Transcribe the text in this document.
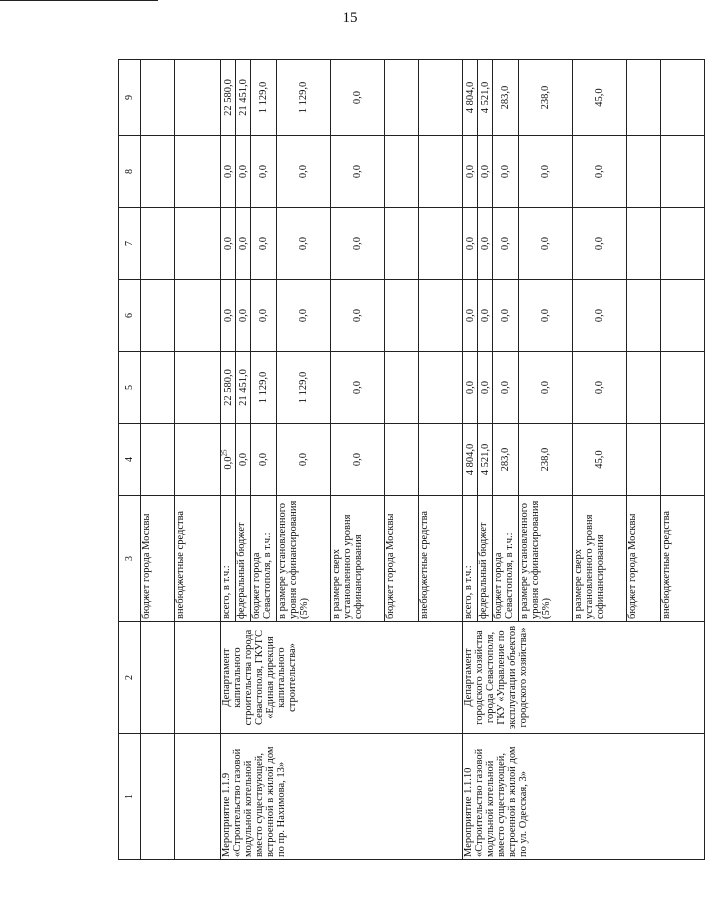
15
1	2	3	4	5	6	7	8	9
		бюджет города Москвы						
		внебюджетные средства						
Мероприятие 1.1.9 «Строительство газовой модульной котельной вместо существующей, встроенной в жилой дом по пр. Нахимова, 13»	Департамент капитального строительства города Севастополя, ГКУГС «Единая дирекция капитального строительства»	всего, в т.ч.:	$0,0^{25}$	22 580,0	0,0	0,0	0,0	22 580,0
		федеральный бюджет	0,0	21 451,0	0,0	0,0	0,0	21 451,0
		бюджет города Севастополя, в т.ч.:	0,0	1 129,0	0,0	0,0	0,0	1 129,0
		в размере установленного уровня софинансирования (5%)	0,0	1 129,0	0,0	0,0	0,0	1 129,0
		в размере сверх установленного уровня софинансирования	0,0	0,0	0,0	0,0	0,0	0,0
		бюджет города Москвы						
		внебюджетные средства						
Мероприятие 1.1.10 «Строительство газовой модульной котельной вместо существующей, встроенной в жилой дом по ул. Одесская, 3»	Департамент городского хозяйства города Севастополя, ГКУ «Управление по эксплуатации объектов городского хозяйства»	всего, в т.ч.:	4 804,0	0,0	0,0	0,0	0,0	4 804,0
		федеральный бюджет	4 521,0	0,0	0,0	0,0	0,0	4 521,0
		бюджет города Севастополя, в т.ч.:	283,0	0,0	0,0	0,0	0,0	283,0
		в размере установленного уровня софинансирования (5%)	238,0	0,0	0,0	0,0	0,0	238,0
		в размере сверх установленного уровня софинансирования	45,0	0,0	0,0	0,0	0,0	45,0
		бюджет города Москвы						
		внебюджетные средства						
